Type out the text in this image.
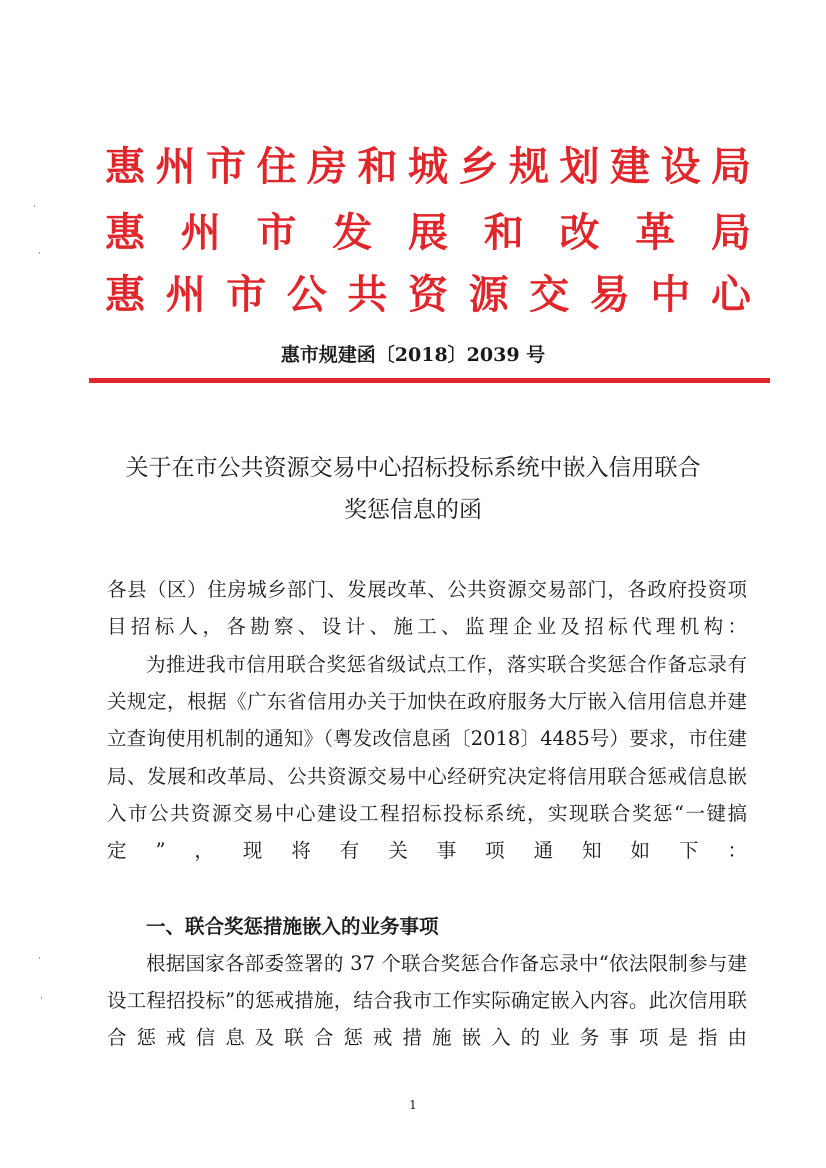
惠 州 市 住 房 和 城 乡 规 划 建 设 局
惠 州 市 发 展 和 改 革 局
惠 州 市 公 共 资 源 交 易 中 心
惠市规建函〔2018〕2039 号
关于在市公共资源交易中心招标投标系统中嵌入信用联合
奖惩信息的函

各县（区）住房城乡部门、发展改革、公共资源交易部门，各政府投资项目招标人，各勘察、设计、施工、监理企业及招标代理机构：

为推进我市信用联合奖惩省级试点工作，落实联合奖惩合作备忘录有关规定，根据《广东省信用办关于加快在政府服务大厅嵌入信用信息并建立查询使用机制的通知》（粤发改信息函〔2018〕4485号）要求，市住建局、发展和改革局、公共资源交易中心经研究决定将信用联合惩戒信息嵌入市公共资源交易中心建设工程招标投标系统，实现联合奖惩“一键搞定”，现将有关事项通知如下：

一、联合奖惩措施嵌入的业务事项

根据国家各部委签署的 37 个联合奖惩合作备忘录中“依法限制参与建设工程招投标”的惩戒措施，结合我市工作实际确定嵌入内容。此次信用联合惩戒信息及联合惩戒措施嵌入的业务事项是指由

1
·
·
·
·
